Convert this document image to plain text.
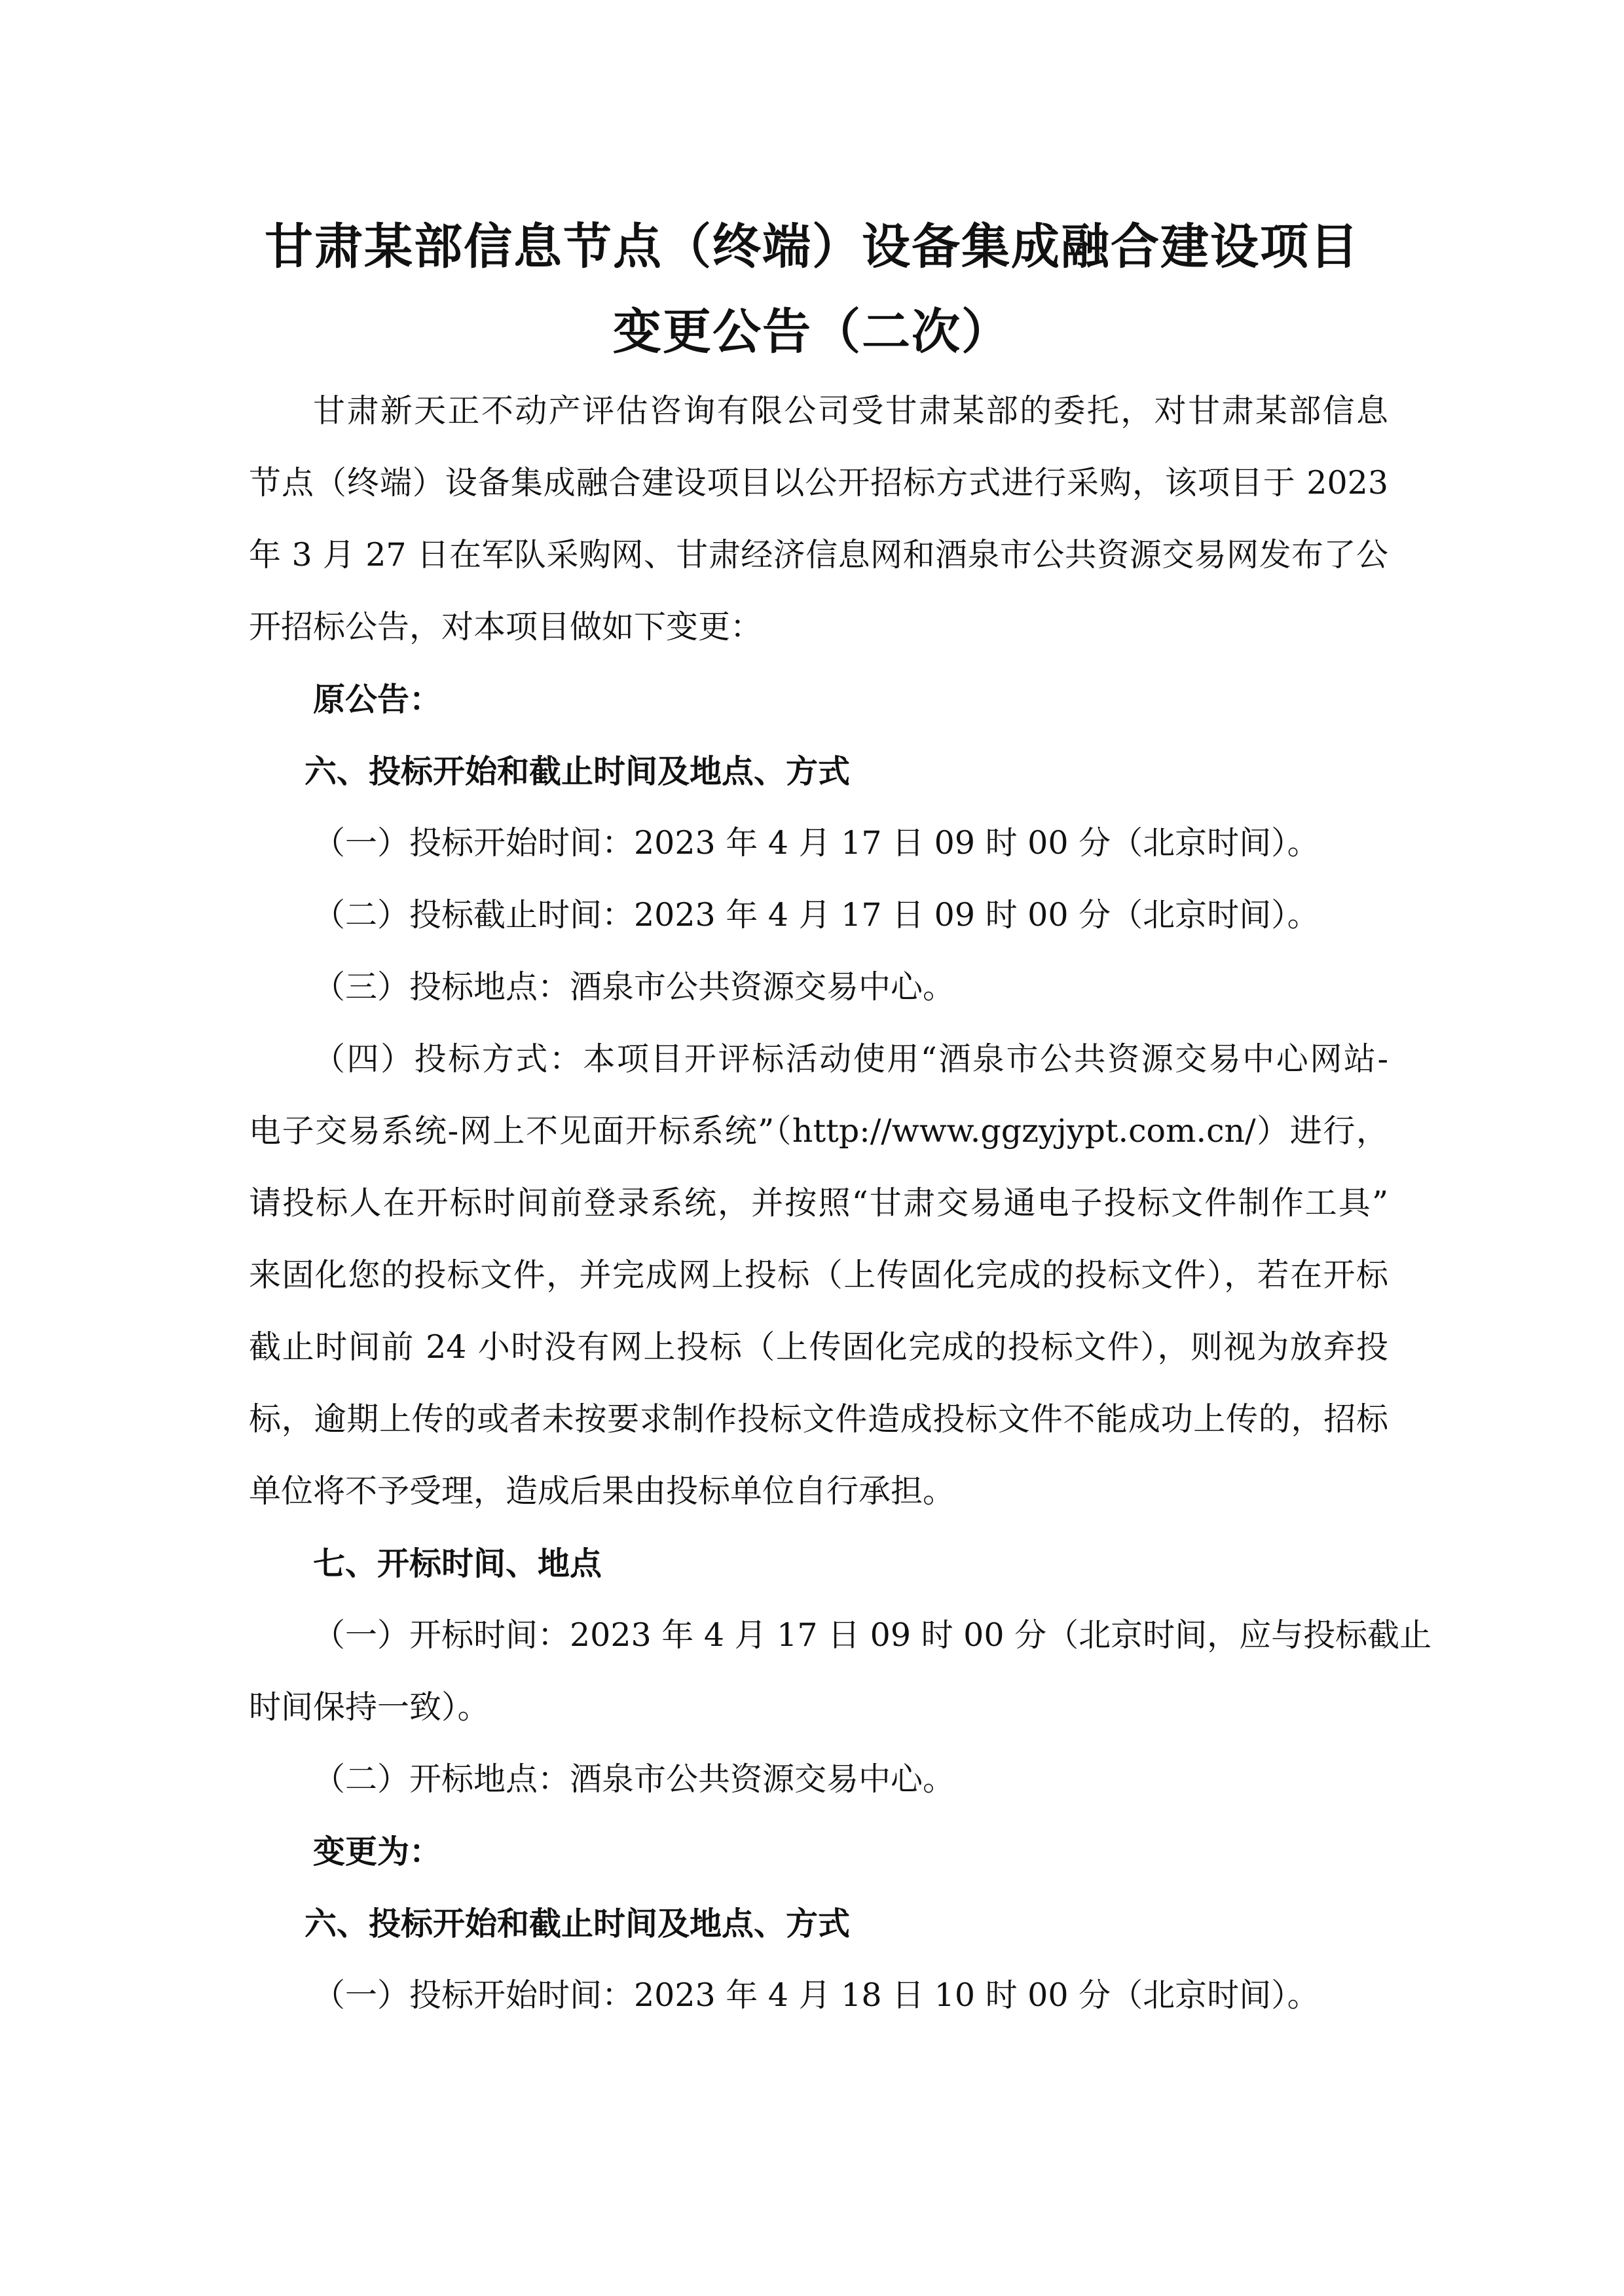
甘肃某部信息节点（终端）设备集成融合建设项目
变更公告（二次）
甘肃新天正不动产评估咨询有限公司受甘肃某部的委托，对甘肃某部信息
节点（终端）设备集成融合建设项目以公开招标方式进行采购，该项目于 2023
年 3 月 27 日在军队采购网、甘肃经济信息网和酒泉市公共资源交易网发布了公
开招标公告，对本项目做如下变更：
原公告：
六、投标开始和截止时间及地点、方式
（一）投标开始时间：2023 年 4 月 17 日 09 时 00 分（北京时间）。
（二）投标截止时间：2023 年 4 月 17 日 09 时 00 分（北京时间）。
（三）投标地点：酒泉市公共资源交易中心。
（四）投标方式：本项目开评标活动使用“酒泉市公共资源交易中心网站-
电子交易系统-网上不见面开标系统”（http://www.ggzyjypt.com.cn/）进行，
请投标人在开标时间前登录系统，并按照“甘肃交易通电子投标文件制作工具”
来固化您的投标文件，并完成网上投标（上传固化完成的投标文件），若在开标
截止时间前 24 小时没有网上投标（上传固化完成的投标文件），则视为放弃投
标，逾期上传的或者未按要求制作投标文件造成投标文件不能成功上传的，招标
单位将不予受理，造成后果由投标单位自行承担。
七、开标时间、地点
（一）开标时间：2023 年 4 月 17 日 09 时 00 分（北京时间，应与投标截止
时间保持一致）。
（二）开标地点：酒泉市公共资源交易中心。
变更为：
六、投标开始和截止时间及地点、方式
（一）投标开始时间：2023 年 4 月 18 日 10 时 00 分（北京时间）。
